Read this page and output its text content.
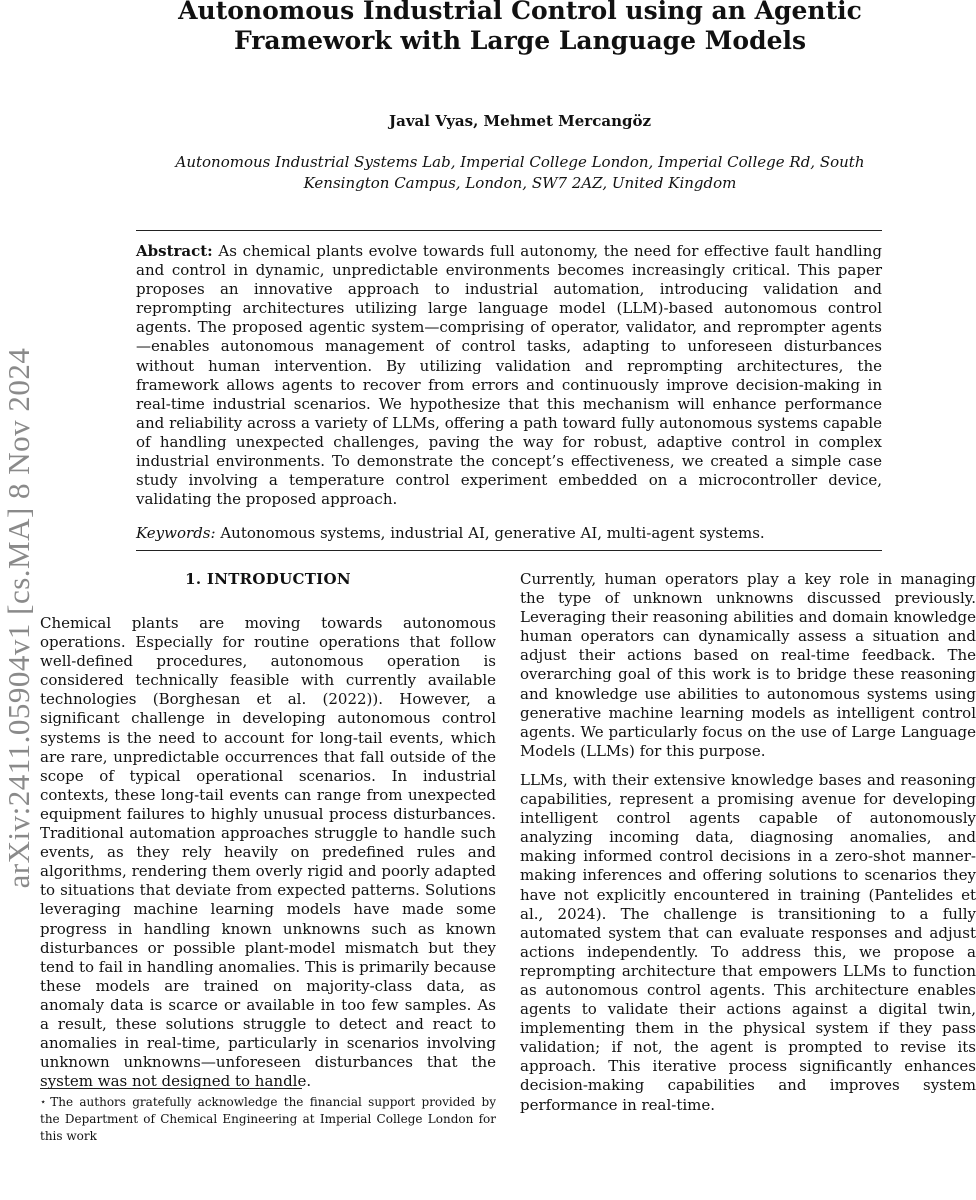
arXiv:2411.05904v1 [cs.MA] 8 Nov 2024
Autonomous Industrial Control using an Agentic Framework with Large Language Models

Javal Vyas, Mehmet Mercangöz

Autonomous Industrial Systems Lab, Imperial College London, Imperial College Rd, South Kensington Campus, London, SW7 2AZ, United Kingdom

Abstract: As chemical plants evolve towards full autonomy, the need for effective fault handling and control in dynamic, unpredictable environments becomes increasingly critical. This paper proposes an innovative approach to industrial automation, introducing validation and reprompting architectures utilizing large language model (LLM)-based autonomous control agents. The proposed agentic system—comprising of operator, validator, and reprompter agents—enables autonomous management of control tasks, adapting to unforeseen disturbances without human intervention. By utilizing validation and reprompting architectures, the framework allows agents to recover from errors and continuously improve decision-making in real-time industrial scenarios. We hypothesize that this mechanism will enhance performance and reliability across a variety of LLMs, offering a path toward fully autonomous systems capable of handling unexpected challenges, paving the way for robust, adaptive control in complex industrial environments. To demonstrate the concept’s effectiveness, we created a simple case study involving a temperature control experiment embedded on a microcontroller device, validating the proposed approach.

Keywords: Autonomous systems, industrial AI, generative AI, multi-agent systems.

1. INTRODUCTION

Chemical plants are moving towards autonomous operations. Especially for routine operations that follow well-defined procedures, autonomous operation is considered technically feasible with currently available technologies (Borghesan et al. (2022)). However, a significant challenge in developing autonomous control systems is the need to account for long-tail events, which are rare, unpredictable occurrences that fall outside of the scope of typical operational scenarios. In industrial contexts, these long-tail events can range from unexpected equipment failures to highly unusual process disturbances. Traditional automation approaches struggle to handle such events, as they rely heavily on predefined rules and algorithms, rendering them overly rigid and poorly adapted to situations that deviate from expected patterns. Solutions leveraging machine learning models have made some progress in handling known unknowns such as known disturbances or possible plant-model mismatch but they tend to fail in handling anomalies. This is primarily because these models are trained on majority-class data, as anomaly data is scarce or available in too few samples. As a result, these solutions struggle to detect and react to anomalies in real-time, particularly in scenarios involving unknown unknowns—unforeseen disturbances that the system was not designed to handle.

Currently, human operators play a key role in managing the type of unknown unknowns discussed previously. Leveraging their reasoning abilities and domain knowledge human operators can dynamically assess a situation and adjust their actions based on real-time feedback. The overarching goal of this work is to bridge these reasoning and knowledge use abilities to autonomous systems using generative machine learning models as intelligent control agents. We particularly focus on the use of Large Language Models (LLMs) for this purpose.

LLMs, with their extensive knowledge bases and reasoning capabilities, represent a promising avenue for developing intelligent control agents capable of autonomously analyzing incoming data, diagnosing anomalies, and making informed control decisions in a zero-shot manner- making inferences and offering solutions to scenarios they have not explicitly encountered in training (Pantelides et al., 2024). The challenge is transitioning to a fully automated system that can evaluate responses and adjust actions independently. To address this, we propose a reprompting architecture that empowers LLMs to function as autonomous control agents. This architecture enables agents to validate their actions against a digital twin, implementing them in the physical system if they pass validation; if not, the agent is prompted to revise its approach. This iterative process significantly enhances decision-making capabilities and improves system performance in real-time.

⋆ The authors gratefully acknowledge the financial support provided by the Department of Chemical Engineering at Imperial College London for this work
